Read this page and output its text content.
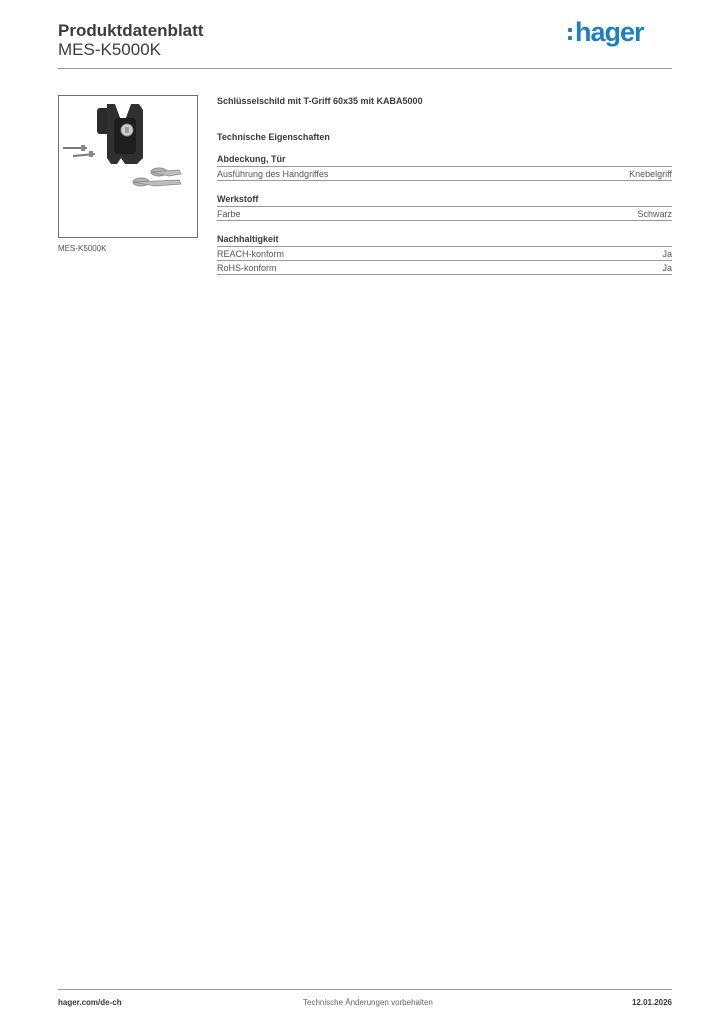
Produktdatenblatt
MES-K5000K
hager
MES-K5000K
Schlüsselschild mit T-Griff 60x35 mit KABA5000
Technische Eigenschaften
Abdeckung, Tür
Ausführung des Handgriffes	Knebelgriff
Werkstoff
Farbe	Schwarz
Nachhaltigkeit
REACH-konform	Ja
RoHS-konform	Ja
hager.com/de-ch	Technische Änderungen vorbehalten	12.01.2026
